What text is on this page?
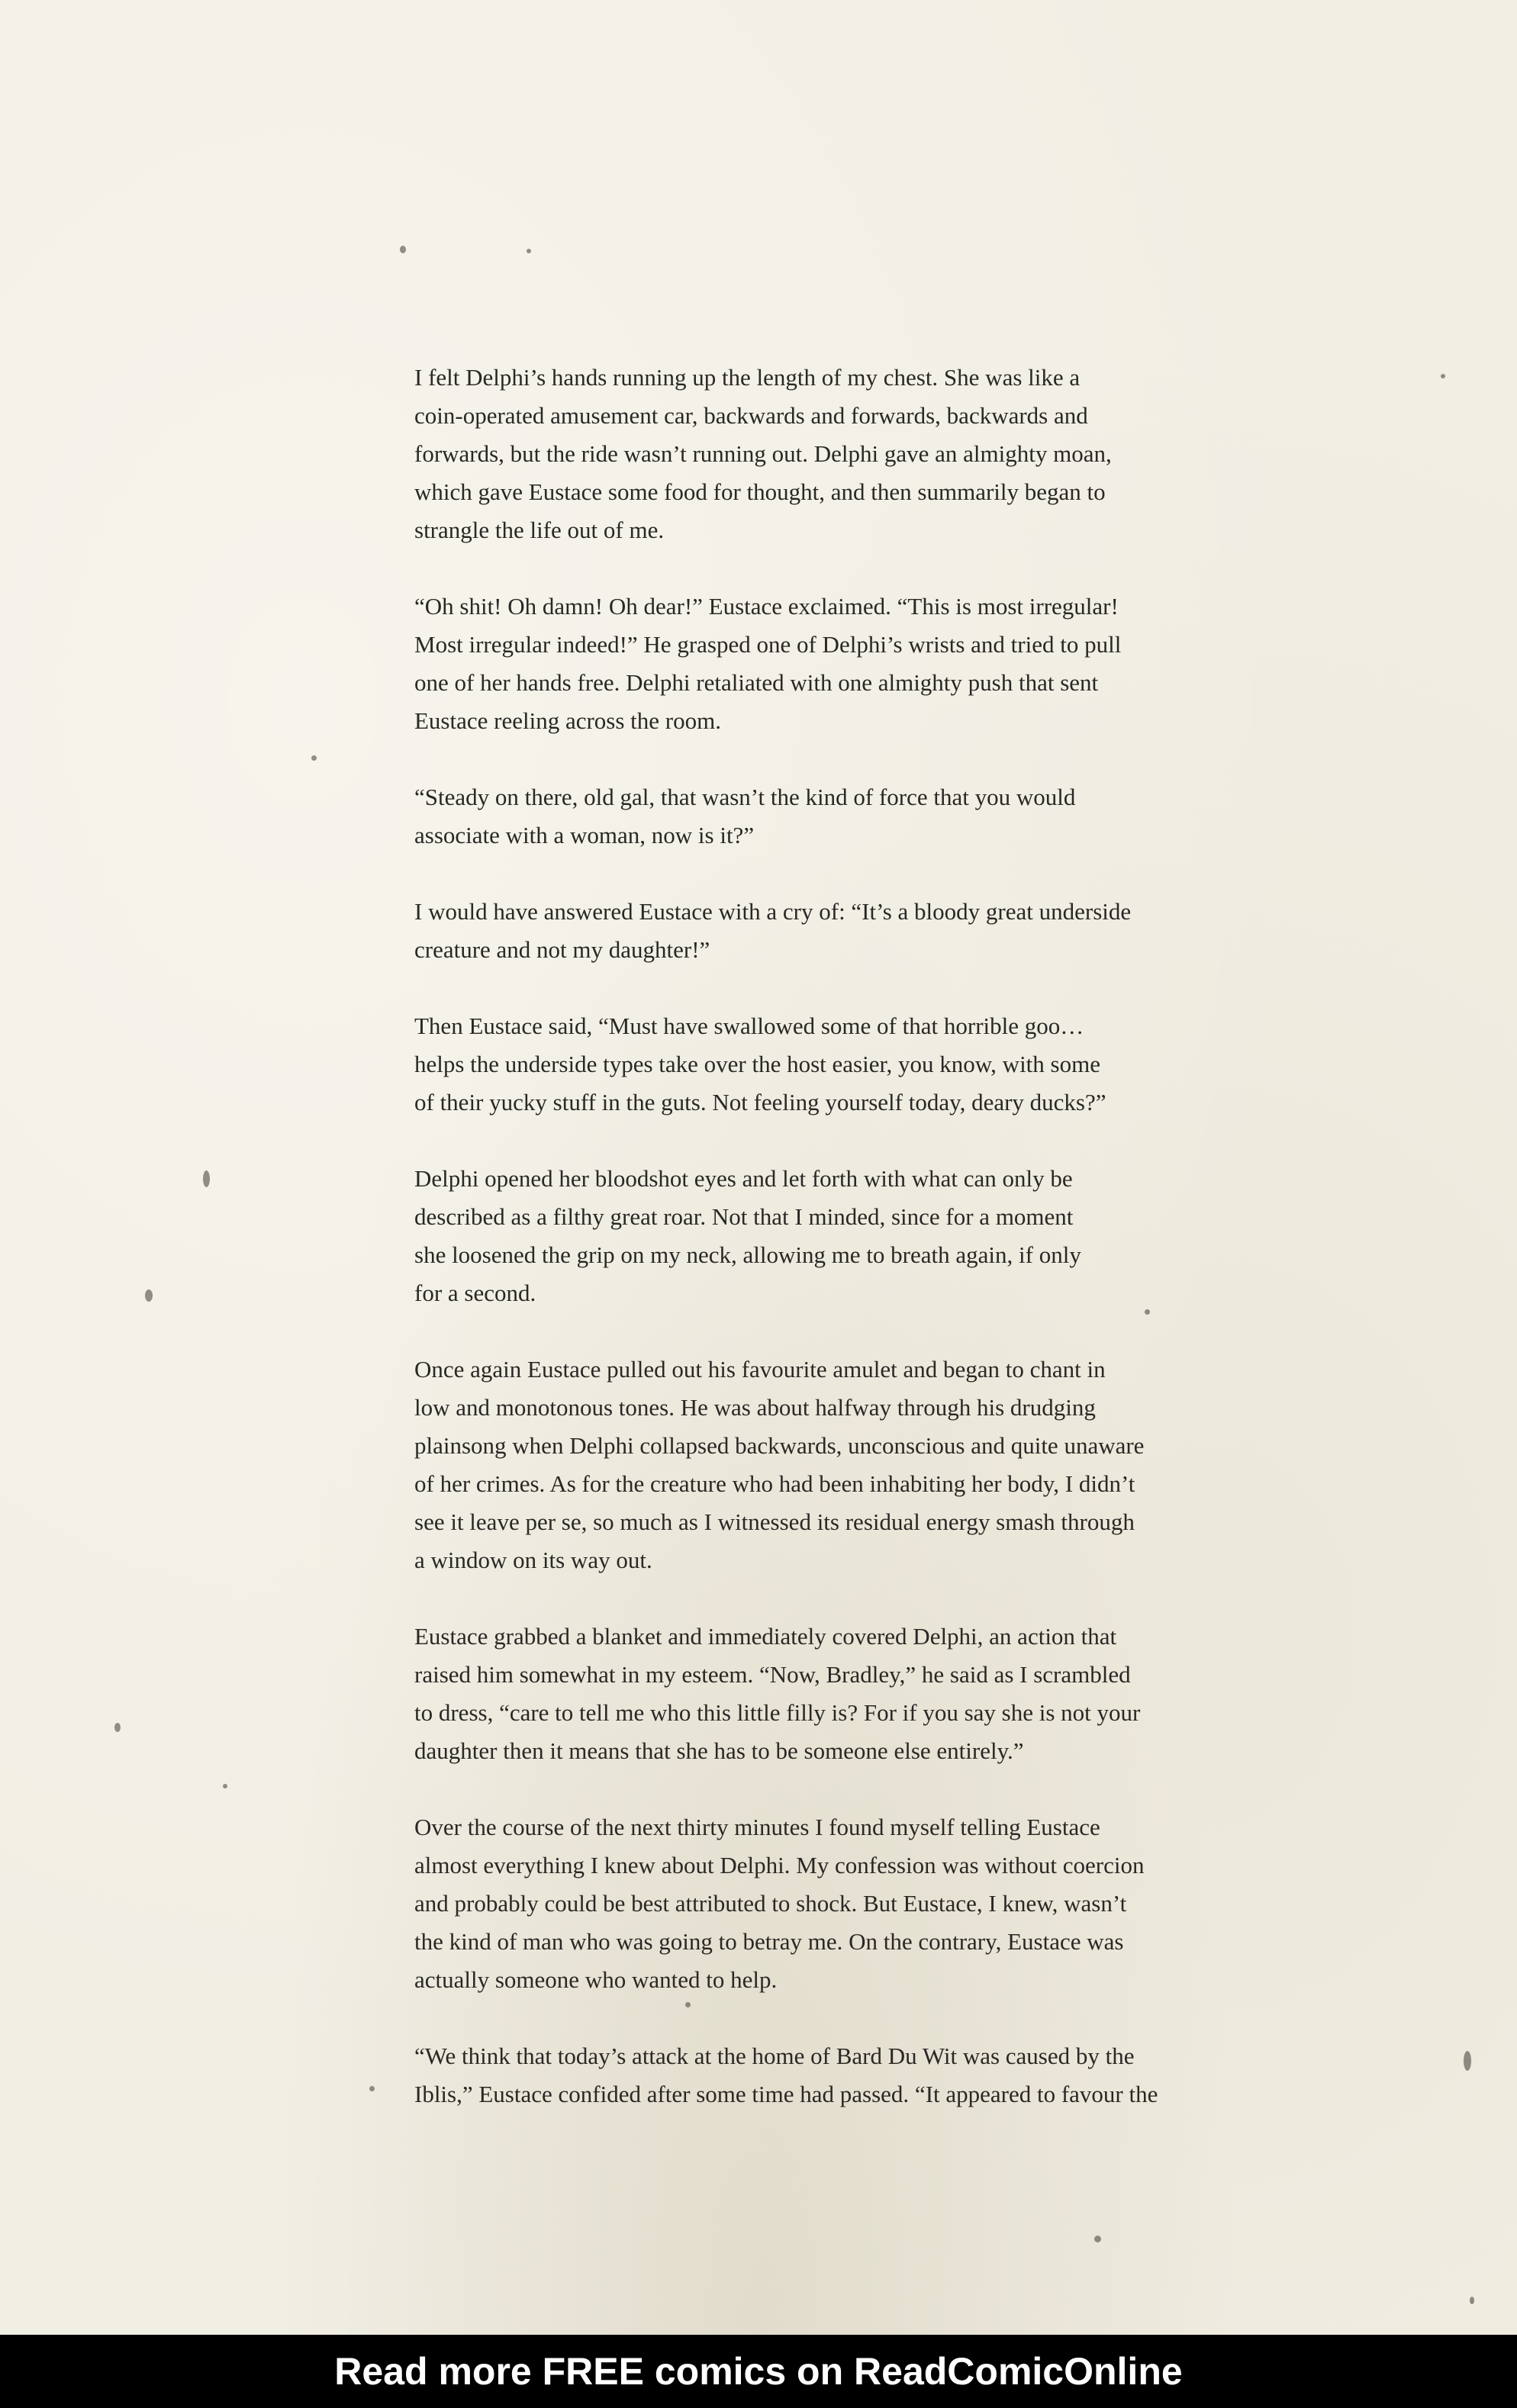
I felt Delphi’s hands running up the length of my chest. She was like a
coin-operated amusement car, backwards and forwards, backwards and
forwards, but the ride wasn’t running out. Delphi gave an almighty moan,
which gave Eustace some food for thought, and then summarily began to
strangle the life out of me.
“Oh shit! Oh damn! Oh dear!” Eustace exclaimed. “This is most irregular!
Most irregular indeed!” He grasped one of Delphi’s wrists and tried to pull
one of her hands free. Delphi retaliated with one almighty push that sent
Eustace reeling across the room.
“Steady on there, old gal, that wasn’t the kind of force that you would
associate with a woman, now is it?”
I would have answered Eustace with a cry of: “It’s a bloody great underside
creature and not my daughter!”
Then Eustace said, “Must have swallowed some of that horrible goo…
helps the underside types take over the host easier, you know, with some
of their yucky stuff in the guts. Not feeling yourself today, deary ducks?”
Delphi opened her bloodshot eyes and let forth with what can only be
described as a filthy great roar. Not that I minded, since for a moment
she loosened the grip on my neck, allowing me to breath again, if only
for a second.
Once again Eustace pulled out his favourite amulet and began to chant in
low and monotonous tones. He was about halfway through his drudging
plainsong when Delphi collapsed backwards, unconscious and quite unaware
of her crimes. As for the creature who had been inhabiting her body, I didn’t
see it leave per se, so much as I witnessed its residual energy smash through
a window on its way out.
Eustace grabbed a blanket and immediately covered Delphi, an action that
raised him somewhat in my esteem. “Now, Bradley,” he said as I scrambled
to dress, “care to tell me who this little filly is? For if you say she is not your
daughter then it means that she has to be someone else entirely.”
Over the course of the next thirty minutes I found myself telling Eustace
almost everything I knew about Delphi. My confession was without coercion
and probably could be best attributed to shock. But Eustace, I knew, wasn’t
the kind of man who was going to betray me. On the contrary, Eustace was
actually someone who wanted to help.
“We think that today’s attack at the home of Bard Du Wit was caused by the
Iblis,” Eustace confided after some time had passed. “It appeared to favour the
Read more FREE comics on ReadComicOnline
